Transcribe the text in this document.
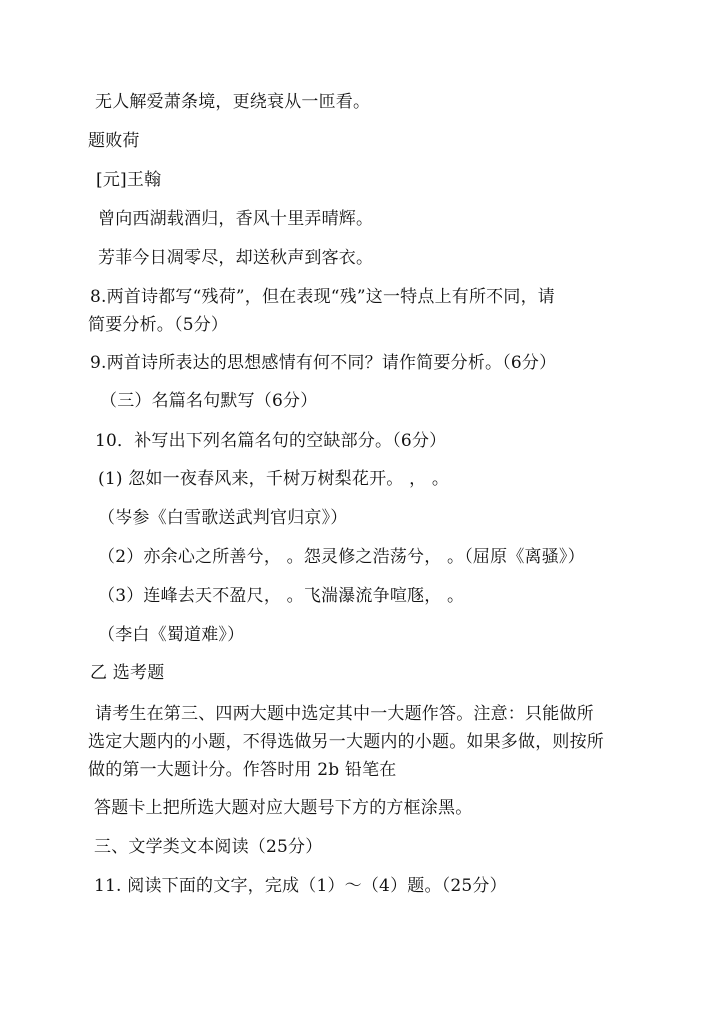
无人解爱萧条境，更绕衰从一匝看。
题败荷
[元]王翰
曾向西湖载酒归，香风十里弄晴辉。
芳菲今日凋零尽，却送秋声到客衣。
8.两首诗都写“残荷”，但在表现“残”这一特点上有所不同，请
简要分析。（5分）
9.两首诗所表达的思想感情有何不同？请作简要分析。（6分）
（三）名篇名句默写（6分）
10．补写出下列名篇名句的空缺部分。（6分）
(1) 忽如一夜春风来，千树万树梨花开。 ， 。
（岑参《白雪歌送武判官归京》）
（2）亦余心之所善兮， 。怨灵修之浩荡兮， 。（屈原《离骚》）
（3）连峰去天不盈尺， 。飞湍瀑流争喧豗， 。
（李白《蜀道难》）
乙 选考题
请考生在第三、四两大题中选定其中一大题作答。注意：只能做所
选定大题内的小题，不得选做另一大题内的小题。如果多做，则按所
做的第一大题计分。作答时用 2b 铅笔在
答题卡上把所选大题对应大题号下方的方框涂黑。
三、文学类文本阅读（25分）
11. 阅读下面的文字，完成（1）～（4）题。（25分）
